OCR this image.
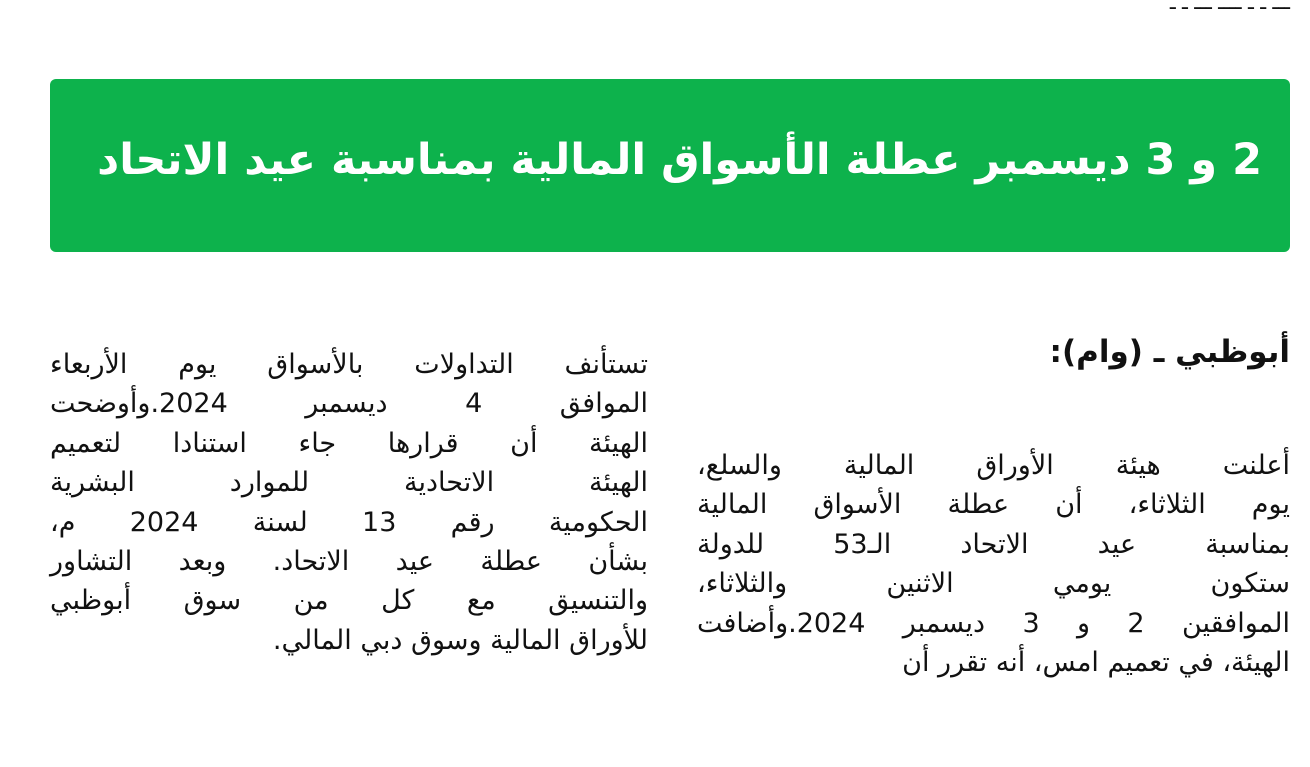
ـــ ـ ـ ــــ ـــ ـ ـ
2 و 3 ديسمبر عطلة الأسواق المالية بمناسبة عيد الاتحاد
أبوظبي ـ (وام):
أعلنت هيئة الأوراق المالية والسلع،
يوم الثلاثاء، أن عطلة الأسواق المالية
بمناسبة عيد الاتحاد الـ53 للدولة
ستكون يومي الاثنين والثلاثاء،
الموافقين 2 و 3 ديسمبر 2024.وأضافت
الهيئة، في تعميم امس، أنه تقرر أن
تستأنف التداولات بالأسواق يوم الأربعاء
الموافق 4 ديسمبر 2024.وأوضحت
الهيئة أن قرارها جاء استنادا لتعميم
الهيئة الاتحادية للموارد البشرية
الحكومية رقم 13 لسنة 2024 م،
بشأن عطلة عيد الاتحاد. وبعد التشاور
والتنسيق مع كل من سوق أبوظبي
للأوراق المالية وسوق دبي المالي.
